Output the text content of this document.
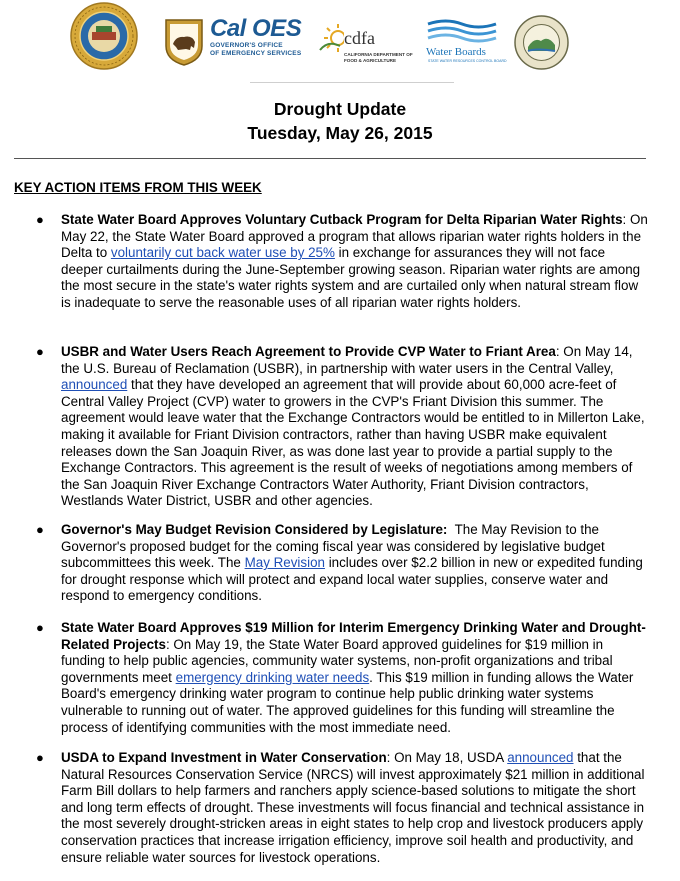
Cal OES
GOVERNOR'S OFFICE
OF EMERGENCY SERVICES
cdfa
CALIFORNIA DEPARTMENT OF
FOOD & AGRICULTURE
Water Boards
STATE WATER RESOURCES CONTROL BOARD
Drought Update
Tuesday, May 26, 2015
KEY ACTION ITEMS FROM THIS WEEK
● State Water Board Approves Voluntary Cutback Program for Delta Riparian Water Rights: On May 22, the State Water Board approved a program that allows riparian water rights holders in the Delta to voluntarily cut back water use by 25% in exchange for assurances they will not face deeper curtailments during the June-September growing season. Riparian water rights are among the most secure in the state's water rights system and are curtailed only when natural stream flow is inadequate to serve the reasonable uses of all riparian water rights holders.
● USBR and Water Users Reach Agreement to Provide CVP Water to Friant Area: On May 14, the U.S. Bureau of Reclamation (USBR), in partnership with water users in the Central Valley, announced that they have developed an agreement that will provide about 60,000 acre-feet of Central Valley Project (CVP) water to growers in the CVP's Friant Division this summer. The agreement would leave water that the Exchange Contractors would be entitled to in Millerton Lake, making it available for Friant Division contractors, rather than having USBR make equivalent releases down the San Joaquin River, as was done last year to provide a partial supply to the Exchange Contractors. This agreement is the result of weeks of negotiations among members of the San Joaquin River Exchange Contractors Water Authority, Friant Division contractors, Westlands Water District, USBR and other agencies.
● Governor's May Budget Revision Considered by Legislature:  The May Revision to the Governor's proposed budget for the coming fiscal year was considered by legislative budget subcommittees this week. The May Revision includes over $2.2 billion in new or expedited funding for drought response which will protect and expand local water supplies, conserve water and respond to emergency conditions.
● State Water Board Approves $19 Million for Interim Emergency Drinking Water and Drought-Related Projects: On May 19, the State Water Board approved guidelines for $19 million in funding to help public agencies, community water systems, non-profit organizations and tribal governments meet emergency drinking water needs. This $19 million in funding allows the Water Board's emergency drinking water program to continue help public drinking water systems vulnerable to running out of water. The approved guidelines for this funding will streamline the process of identifying communities with the most immediate need.
● USDA to Expand Investment in Water Conservation: On May 18, USDA announced that the Natural Resources Conservation Service (NRCS) will invest approximately $21 million in additional Farm Bill dollars to help farmers and ranchers apply science-based solutions to mitigate the short and long term effects of drought. These investments will focus financial and technical assistance in the most severely drought-stricken areas in eight states to help crop and livestock producers apply conservation practices that increase irrigation efficiency, improve soil health and productivity, and ensure reliable water sources for livestock operations.
